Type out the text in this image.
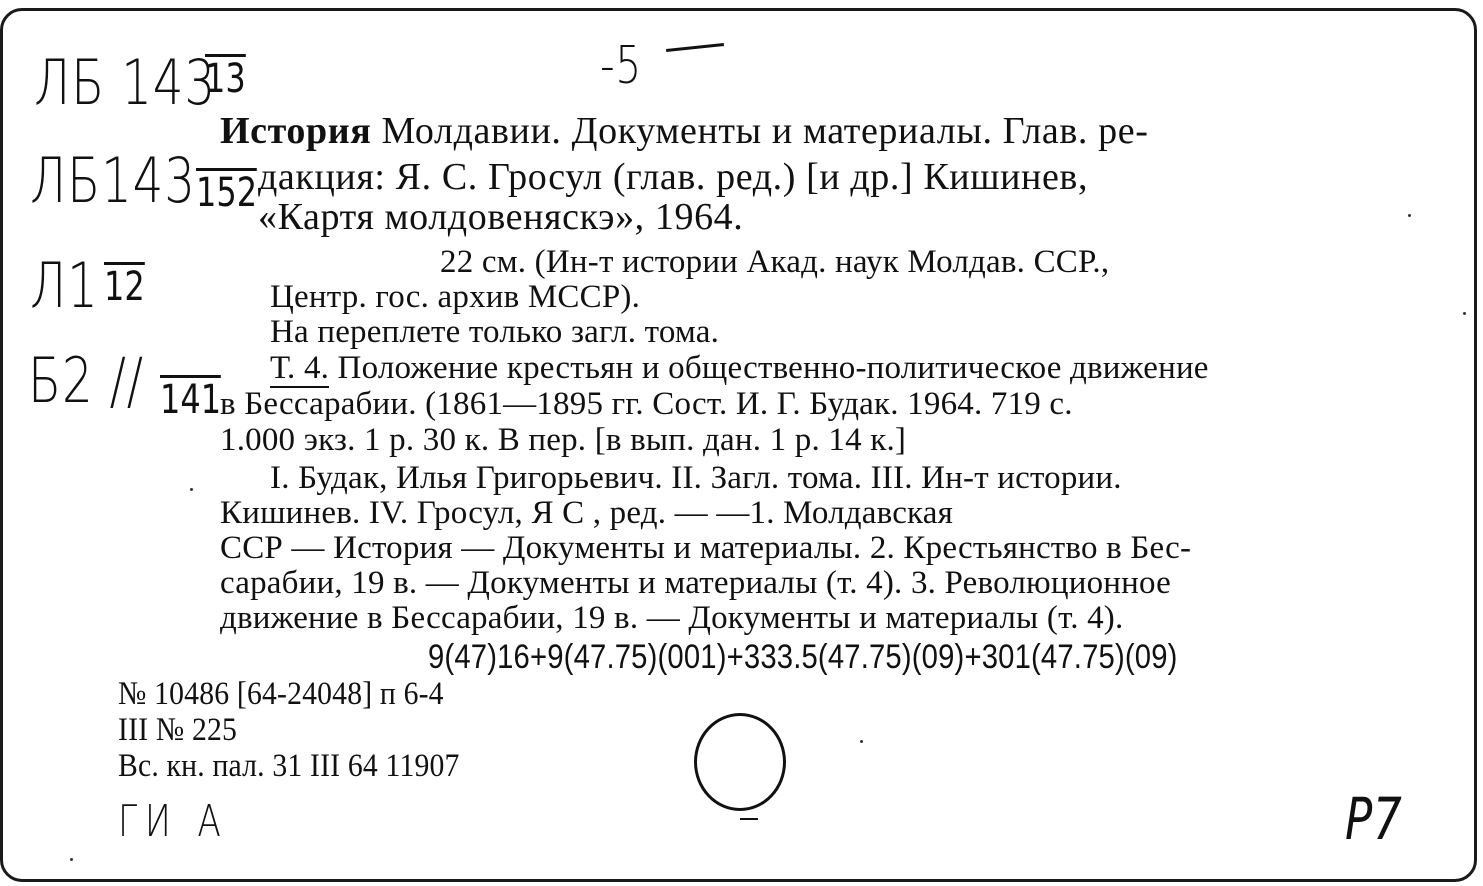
-5
ЛБ 143
13
ЛБ143 152
Л1 12
Б2 // 141
История Молдавии. Документы и материалы. Глав. ре-
дакция: Я. С. Гросул (глав. ред.) [и др.] Кишинев,
«Картя молдовеняскэ», 1964.
22 см. (Ин-т истории Акад. наук Молдав. ССР.,
Центр. гос. архив МССР).
На переплете только загл. тома.
Т. 4. Положение крестьян и общественно-политическое движение
в Бессарабии. (1861—1895 гг. Сост. И. Г. Будак. 1964. 719 с.
1.000 экз. 1 р. 30 к. В пер. [в вып. дан. 1 р. 14 к.]
I. Будак, Илья Григорьевич. II. Загл. тома. III. Ин-т истории.
Кишинев. IV. Гросул, Я С , ред. — —1. Молдавская
ССР — История — Документы и материалы. 2. Крестьянство в Бес-
сарабии, 19 в. — Документы и материалы (т. 4). 3. Революционное
движение в Бессарабии, 19 в. — Документы и материалы (т. 4).
9(47)16+9(47.75)(001)+333.5(47.75)(09)+301(47.75)(09)
№ 10486 [64-24048] п 6-4
III № 225
Вс. кн. пал. 31 III 64 11907
ГИ А	Р7
